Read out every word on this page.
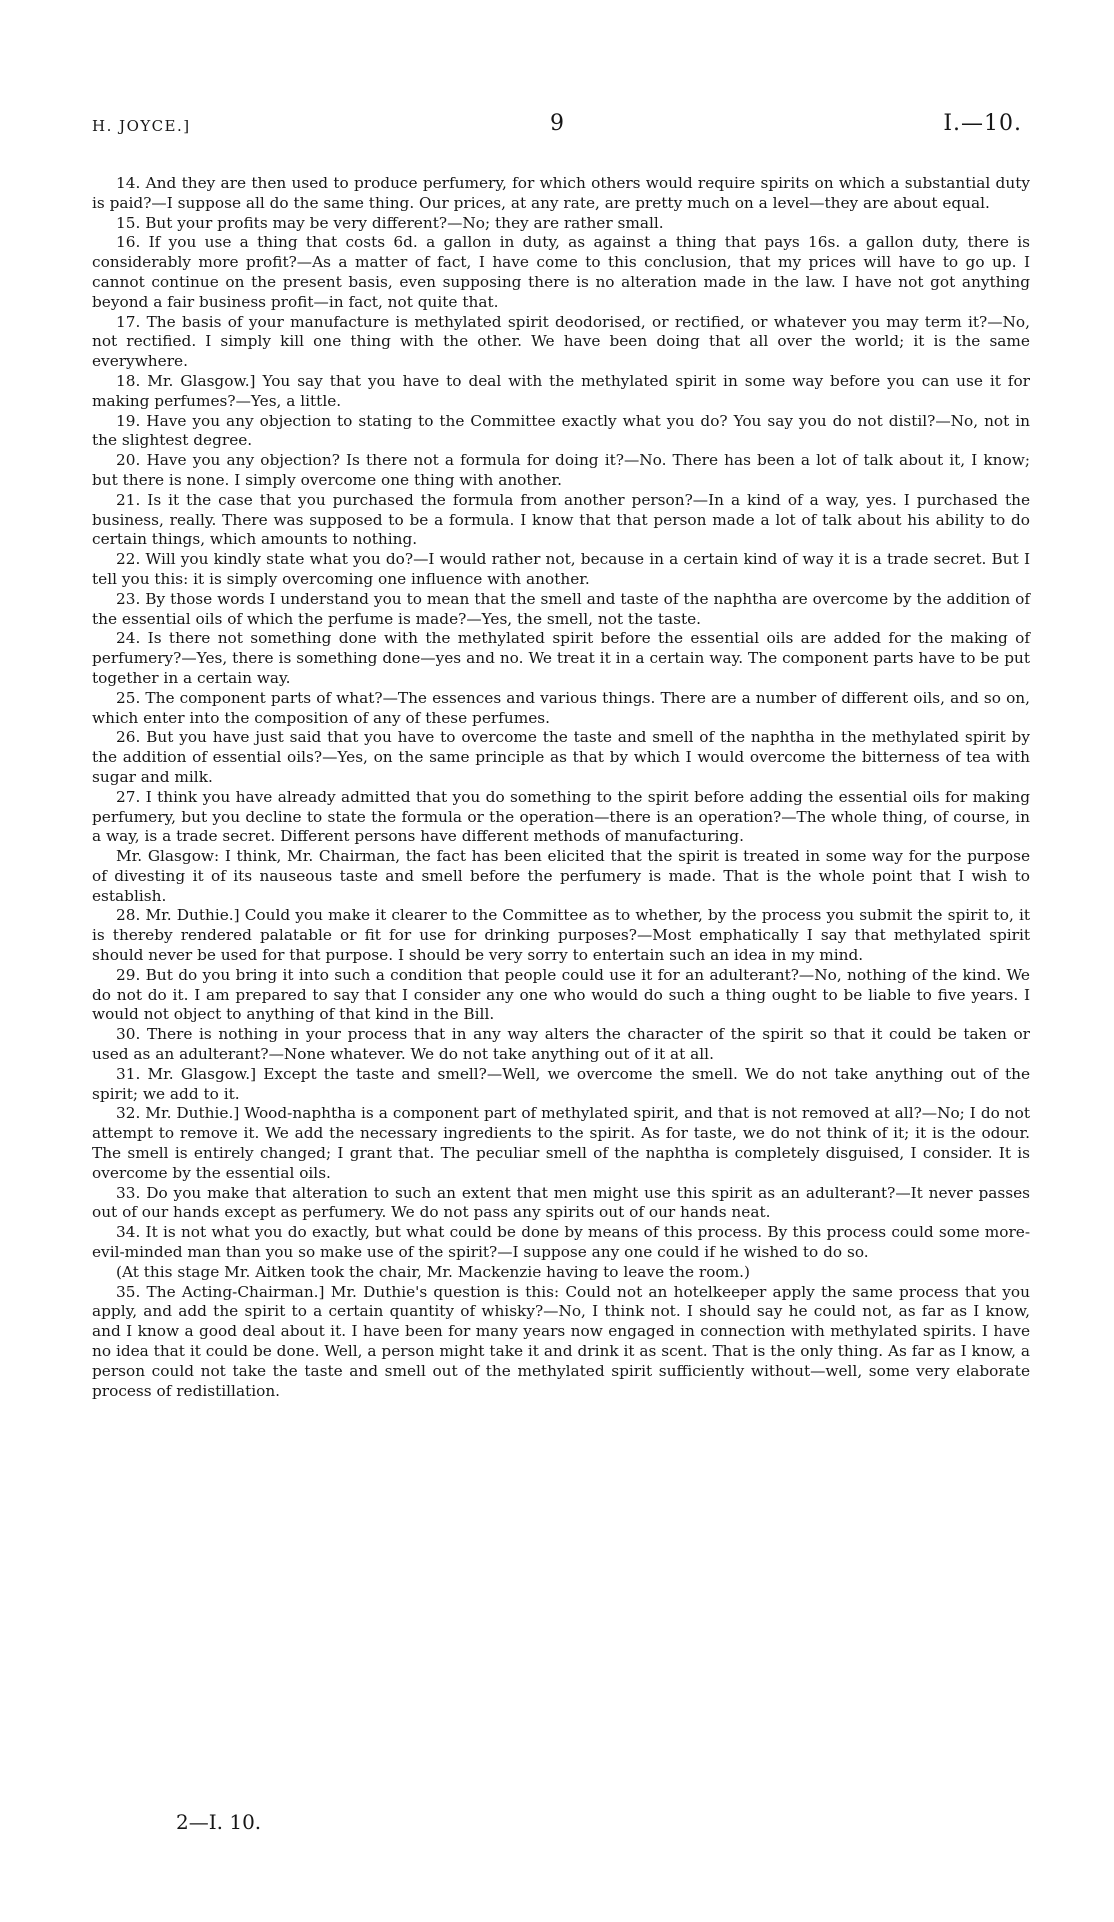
H. JOYCE.]	9	I.—10.

14. And they are then used to produce perfumery, for which others would require spirits on which a substantial duty is paid?—I suppose all do the same thing. Our prices, at any rate, are pretty much on a level—they are about equal.

15. But your profits may be very different?—No; they are rather small.

16. If you use a thing that costs 6d. a gallon in duty, as against a thing that pays 16s. a gallon duty, there is considerably more profit?—As a matter of fact, I have come to this conclusion, that my prices will have to go up. I cannot continue on the present basis, even supposing there is no alteration made in the law. I have not got anything beyond a fair business profit—in fact, not quite that.

17. The basis of your manufacture is methylated spirit deodorised, or rectified, or whatever you may term it?—No, not rectified. I simply kill one thing with the other. We have been doing that all over the world; it is the same everywhere.

18. Mr. Glasgow.] You say that you have to deal with the methylated spirit in some way before you can use it for making perfumes?—Yes, a little.

19. Have you any objection to stating to the Committee exactly what you do? You say you do not distil?—No, not in the slightest degree.

20. Have you any objection? Is there not a formula for doing it?—No. There has been a lot of talk about it, I know; but there is none. I simply overcome one thing with another.

21. Is it the case that you purchased the formula from another person?—In a kind of a way, yes. I purchased the business, really. There was supposed to be a formula. I know that that person made a lot of talk about his ability to do certain things, which amounts to nothing.

22. Will you kindly state what you do?—I would rather not, because in a certain kind of way it is a trade secret. But I tell you this: it is simply overcoming one influence with another.

23. By those words I understand you to mean that the smell and taste of the naphtha are overcome by the addition of the essential oils of which the perfume is made?—Yes, the smell, not the taste.

24. Is there not something done with the methylated spirit before the essential oils are added for the making of perfumery?—Yes, there is something done—yes and no. We treat it in a certain way. The component parts have to be put together in a certain way.

25. The component parts of what?—The essences and various things. There are a number of different oils, and so on, which enter into the composition of any of these perfumes.

26. But you have just said that you have to overcome the taste and smell of the naphtha in the methylated spirit by the addition of essential oils?—Yes, on the same principle as that by which I would overcome the bitterness of tea with sugar and milk.

27. I think you have already admitted that you do something to the spirit before adding the essential oils for making perfumery, but you decline to state the formula or the operation—there is an operation?—The whole thing, of course, in a way, is a trade secret. Different persons have different methods of manufacturing.

Mr. Glasgow: I think, Mr. Chairman, the fact has been elicited that the spirit is treated in some way for the purpose of divesting it of its nauseous taste and smell before the perfumery is made. That is the whole point that I wish to establish.

28. Mr. Duthie.] Could you make it clearer to the Committee as to whether, by the process you submit the spirit to, it is thereby rendered palatable or fit for use for drinking purposes?—Most emphatically I say that methylated spirit should never be used for that purpose. I should be very sorry to entertain such an idea in my mind.

29. But do you bring it into such a condition that people could use it for an adulterant?—No, nothing of the kind. We do not do it. I am prepared to say that I consider any one who would do such a thing ought to be liable to five years. I would not object to anything of that kind in the Bill.

30. There is nothing in your process that in any way alters the character of the spirit so that it could be taken or used as an adulterant?—None whatever. We do not take anything out of it at all.

31. Mr. Glasgow.] Except the taste and smell?—Well, we overcome the smell. We do not take anything out of the spirit; we add to it.

32. Mr. Duthie.] Wood-naphtha is a component part of methylated spirit, and that is not removed at all?—No; I do not attempt to remove it. We add the necessary ingredients to the spirit. As for taste, we do not think of it; it is the odour. The smell is entirely changed; I grant that. The peculiar smell of the naphtha is completely disguised, I consider. It is overcome by the essential oils.

33. Do you make that alteration to such an extent that men might use this spirit as an adulterant?—It never passes out of our hands except as perfumery. We do not pass any spirits out of our hands neat.

34. It is not what you do exactly, but what could be done by means of this process. By this process could some more-evil-minded man than you so make use of the spirit?—I suppose any one could if he wished to do so.

(At this stage Mr. Aitken took the chair, Mr. Mackenzie having to leave the room.)

35. The Acting-Chairman.] Mr. Duthie's question is this: Could not an hotelkeeper apply the same process that you apply, and add the spirit to a certain quantity of whisky?—No, I think not. I should say he could not, as far as I know, and I know a good deal about it. I have been for many years now engaged in connection with methylated spirits. I have no idea that it could be done. Well, a person might take it and drink it as scent. That is the only thing. As far as I know, a person could not take the taste and smell out of the methylated spirit sufficiently without—well, some very elaborate process of redistillation.

2—I. 10.
